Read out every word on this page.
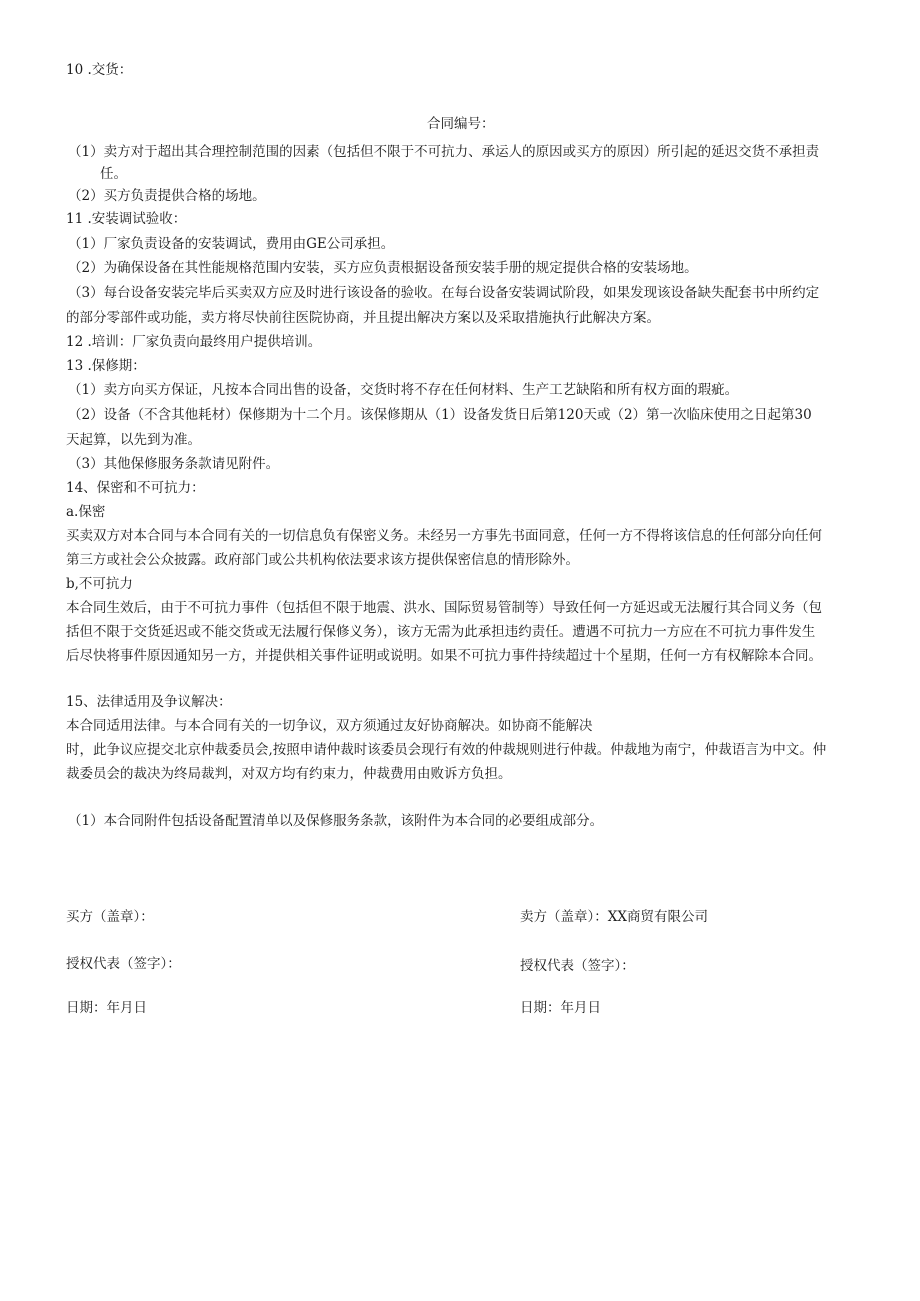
10 .交货：
合同编号：
（1）卖方对于超出其合理控制范围的因素（包括但不限于不可抗力、承运人的原因或买方的原因）所引起的延迟交货不承担责
任。
（2）买方负责提供合格的场地。
11 .安装调试验收：
（1）厂家负责设备的安装调试，费用由GE公司承担。
（2）为确保设备在其性能规格范围内安装，买方应负责根据设备预安装手册的规定提供合格的安装场地。
（3）每台设备安装完毕后买卖双方应及时进行该设备的验收。在每台设备安装调试阶段，如果发现该设备缺失配套书中所约定
的部分零部件或功能，卖方将尽快前往医院协商，并且提出解决方案以及采取措施执行此解决方案。
12 .培训：厂家负责向最终用户提供培训。
13 .保修期：
（1）卖方向买方保证，凡按本合同出售的设备，交货时将不存在任何材料、生产工艺缺陷和所有权方面的瑕疵。
（2）设备（不含其他耗材）保修期为十二个月。该保修期从（1）设备发货日后第120天或（2）第一次临床使用之日起第30
天起算，以先到为准。
（3）其他保修服务条款请见附件。
14、保密和不可抗力：
a.保密
买卖双方对本合同与本合同有关的一切信息负有保密义务。未经另一方事先书面同意，任何一方不得将该信息的任何部分向任何
第三方或社会公众披露。政府部门或公共机构依法要求该方提供保密信息的情形除外。
b,不可抗力
本合同生效后，由于不可抗力事件（包括但不限于地震、洪水、国际贸易管制等）导致任何一方延迟或无法履行其合同义务（包
括但不限于交货延迟或不能交货或无法履行保修义务），该方无需为此承担违约责任。遭遇不可抗力一方应在不可抗力事件发生
后尽快将事件原因通知另一方，并提供相关事件证明或说明。如果不可抗力事件持续超过十个星期，任何一方有权解除本合同。
15、法律适用及争议解决：
本合同适用法律。与本合同有关的一切争议，双方须通过友好协商解决。如协商不能解决
时，此争议应提交北京仲裁委员会,按照申请仲裁时该委员会现行有效的仲裁规则进行仲裁。仲裁地为南宁，仲裁语言为中文。仲
裁委员会的裁决为终局裁判，对双方均有约束力，仲裁费用由败诉方负担。
（1）本合同附件包括设备配置清单以及保修服务条款，该附件为本合同的必要组成部分。
买方（盖章）：	卖方（盖章）：XX商贸有限公司
授权代表（签字）：	授权代表（签字）：
日期：年月日	日期：年月日
